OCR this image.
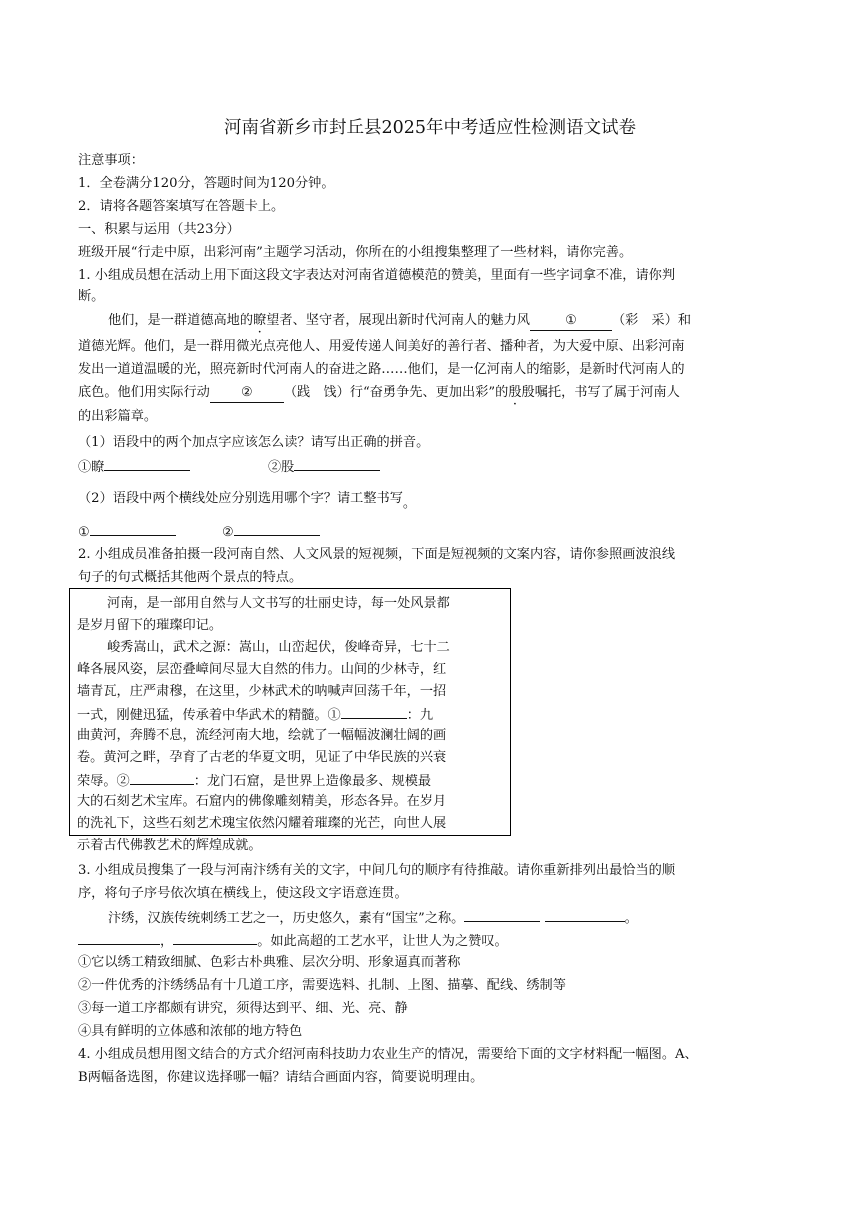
河南省新乡市封丘县2025年中考适应性检测语文试卷
注意事项：
1．全卷满分120分，答题时间为120分钟。
2．请将各题答案填写在答题卡上。
一、积累与运用（共23分）
班级开展“行走中原，出彩河南”主题学习活动，你所在的小组搜集整理了一些材料，请你完善。
1. 小组成员想在活动上用下面这段文字表达对河南省道德模范的赞美，里面有一些字词拿不准，请你判
断。
他们，是一群道德高地的瞭望者、坚守者，展现出新时代河南人的魅力风	①	（彩　采）和
道德光辉。他们，是一群用微光点亮他人、用爱传递人间美好的善行者、播种者，为大爱中原、出彩河南
发出一道道温暖的光，照亮新时代河南人的奋进之路……他们，是一亿河南人的缩影，是新时代河南人的
底色。他们用实际行动 ② （践　饯）行“奋勇争先、更加出彩”的殷殷嘱托，书写了属于河南人
的出彩篇章。
（1）语段中的两个加点字应该怎么读？请写出正确的拼音。
①瞭	②股
（2）语段中两个横线处应分别选用哪个字？请工整书写。
①	②
2. 小组成员准备拍摄一段河南自然、人文风景的短视频，下面是短视频的文案内容，请你参照画波浪线
句子的句式概括其他两个景点的特点。
河南，是一部用自然与人文书写的壮丽史诗，每一处风景都
是岁月留下的璀璨印记。
峻秀嵩山，武术之源：嵩山，山峦起伏，俊峰奇异，七十二
峰各展风姿，层峦叠嶂间尽显大自然的伟力。山间的少林寺，红
墙青瓦，庄严肃穆，在这里，少林武术的呐喊声回荡千年，一招
一式，刚健迅猛，传承着中华武术的精髓。①	：九
曲黄河，奔腾不息，流经河南大地，绘就了一幅幅波澜壮阔的画
卷。黄河之畔，孕育了古老的华夏文明，见证了中华民族的兴衰
荣辱。②	：龙门石窟，是世界上造像最多、规模最
大的石刻艺术宝库。石窟内的佛像雕刻精美，形态各异。在岁月
的洗礼下，这些石刻艺术瑰宝依然闪耀着璀璨的光芒，向世人展
示着古代佛教艺术的辉煌成就。
3. 小组成员搜集了一段与河南汴绣有关的文字，中间几句的顺序有待推敲。请你重新排列出最恰当的顺
序，将句子序号依次填在横线上，使这段文字语意连贯。
汴绣，汉族传统刺绣工艺之一，历史悠久，素有“国宝”之称。	。
，	。如此高超的工艺水平，让世人为之赞叹。
①它以绣工精致细腻、色彩古朴典雅、层次分明、形象逼真而著称
②一件优秀的汴绣绣品有十几道工序，需要选料、扎制、上图、描摹、配线、绣制等
③每一道工序都颇有讲究，须得达到平、细、光、亮、静
④具有鲜明的立体感和浓郁的地方特色
4. 小组成员想用图文结合的方式介绍河南科技助力农业生产的情况，需要给下面的文字材料配一幅图。A、
B两幅备选图，你建议选择哪一幅？请结合画面内容，简要说明理由。
